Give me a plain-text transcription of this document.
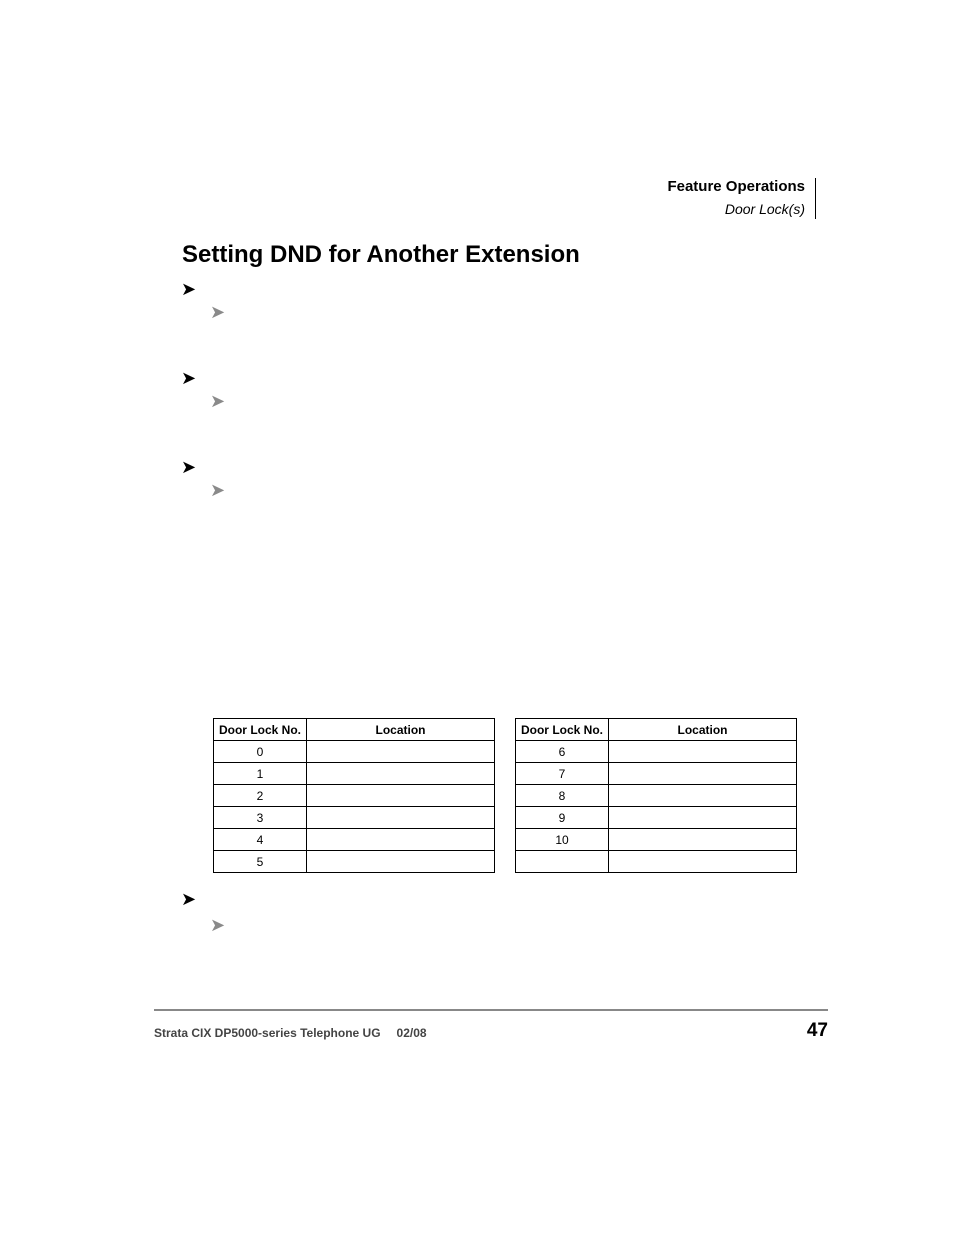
Feature Operations
Door Lock(s)
Setting DND for Another Extension
➤
➤
➤
➤
➤
➤
Door Lock No.	Location
0	
1	
2	
3	
4	
5	
Door Lock No.	Location
6	
7	
8	
9	
10	

➤
➤
Strata CIX DP5000-series Telephone UG 02/08	47
